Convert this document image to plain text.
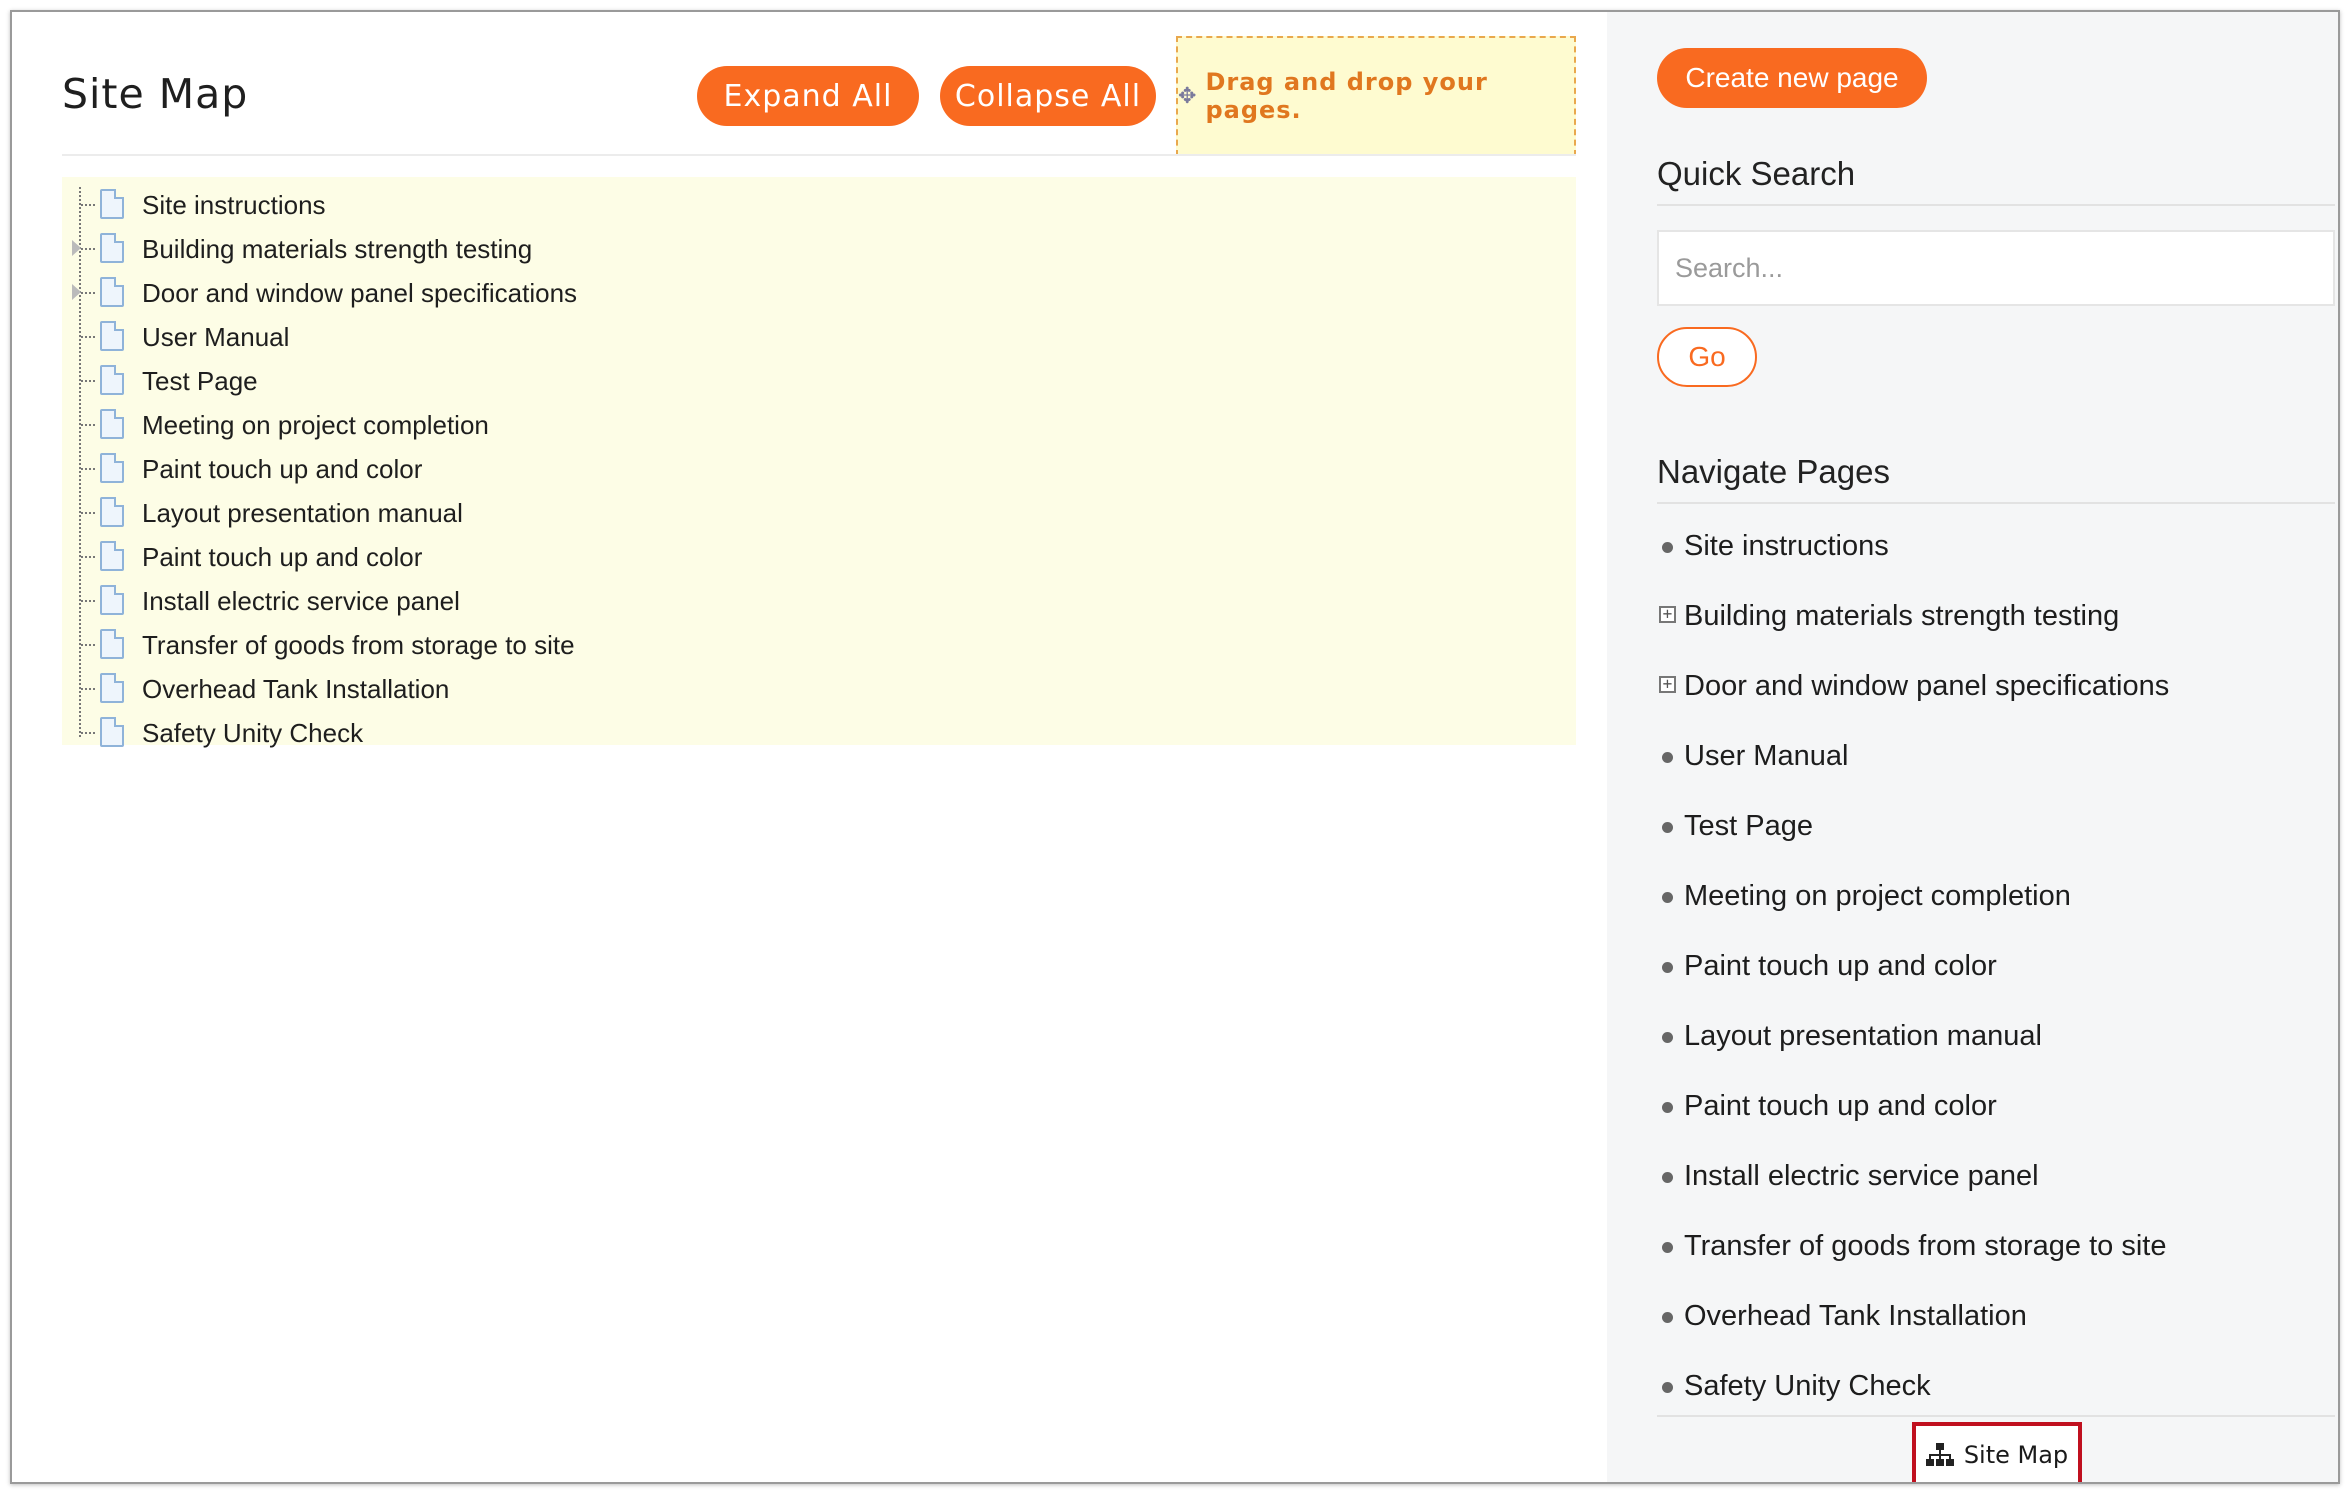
Site Map	Expand All	Collapse All	✥ Drag and drop your pages.
Site instructions
Building materials strength testing
Door and window panel specifications
User Manual
Test Page
Meeting on project completion
Paint touch up and color
Layout presentation manual
Paint touch up and color
Install electric service panel
Transfer of goods from storage to site
Overhead Tank Installation
Safety Unity Check
Create new page
Quick Search
Search...
Go
Navigate Pages
Site instructions
+ Building materials strength testing
+ Door and window panel specifications
User Manual
Test Page
Meeting on project completion
Paint touch up and color
Layout presentation manual
Paint touch up and color
Install electric service panel
Transfer of goods from storage to site
Overhead Tank Installation
Safety Unity Check
Site Map
